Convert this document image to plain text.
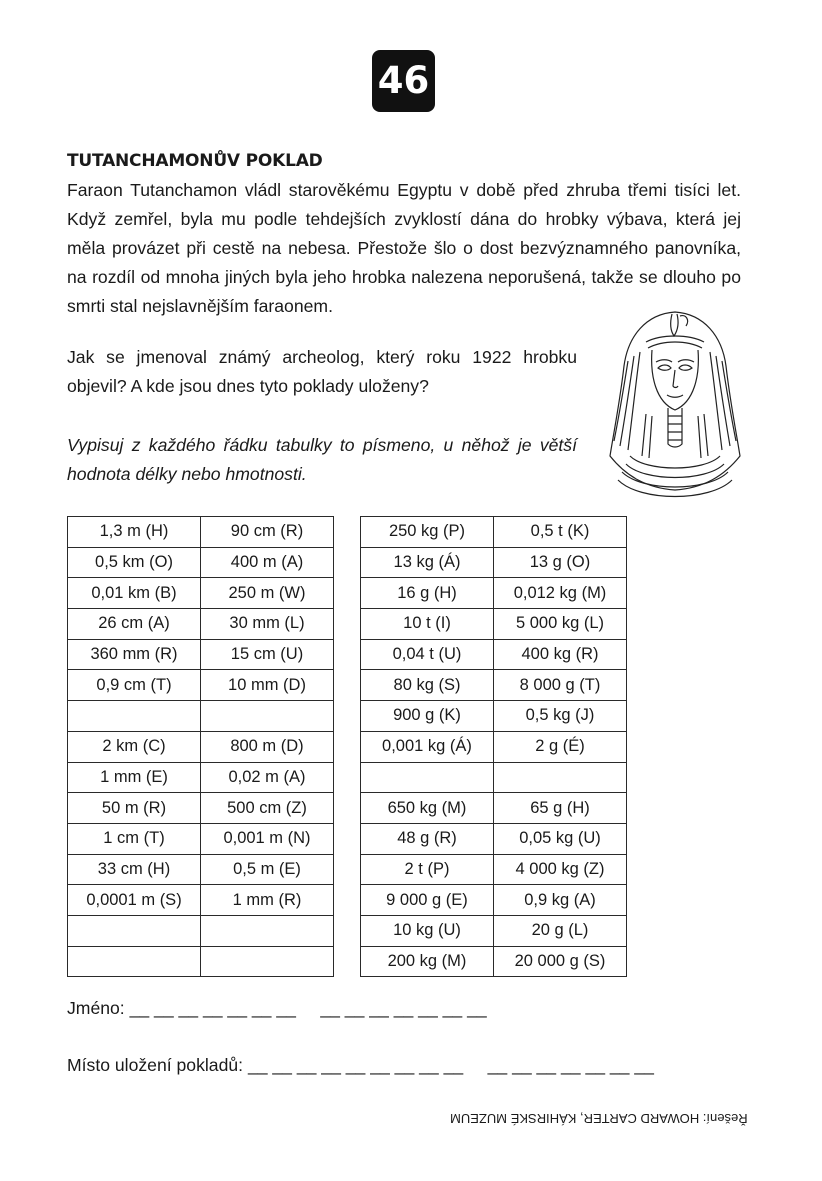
46
TUTANCHAMONŮV POKLAD

Faraon Tutanchamon vládl starověkému Egyptu v době před zhruba třemi tisíci let. Když zemřel, byla mu podle tehdejších zvyklostí dána do hrobky výbava, která jej měla provázet při cestě na nebesa. Přestože šlo o dost bezvýznamného panovníka, na rozdíl od mnoha jiných byla jeho hrobka nalezena neporušená, takže se dlouho po smrti stal nejslavnějším faraonem.

Jak se jmenoval známý archeolog, který roku 1922 hrobku objevil? A kde jsou dnes tyto poklady uloženy?

Vypisuj z každého řádku tabulky to písmeno, u něhož je větší hodnota délky nebo hmotnosti.

1,3 m (H)	90 cm (R)
0,5 km (O)	400 m (A)
0,01 km (B)	250 m (W)
26 cm (A)	30 mm (L)
360 mm (R)	15 cm (U)
0,9 cm (T)	10 mm (D)

2 km (C)	800 m (D)
1 mm (E)	0,02 m (A)
50 m (R)	500 cm (Z)
1 cm (T)	0,001 m (N)
33 cm (H)	0,5 m (E)
0,0001 m (S)	1 mm (R)

250 kg (P)	0,5 t (K)
13 kg (Á)	13 g (O)
16 g (H)	0,012 kg (M)
10 t (I)	5 000 kg (L)
0,04 t (U)	400 kg (R)
80 kg (S)	8 000 g (T)
900 g (K)	0,5 kg (J)
0,001 kg (Á)	2 g (É)

650 kg (M)	65 g (H)
48 g (R)	0,05 kg (U)
2 t (P)	4 000 kg (Z)
9 000 g (E)	0,9 kg (A)
10 kg (U)	20 g (L)
200 kg (M)	20 000 g (S)
Jméno: __ __ __ __ __ __ __     __ __ __ __ __ __ __
Místo uložení pokladů: __ __ __ __ __ __ __ __ __     __ __ __ __ __ __ __
Řešení: HOWARD CARTER, KÁHIRSKÉ MUZEUM
